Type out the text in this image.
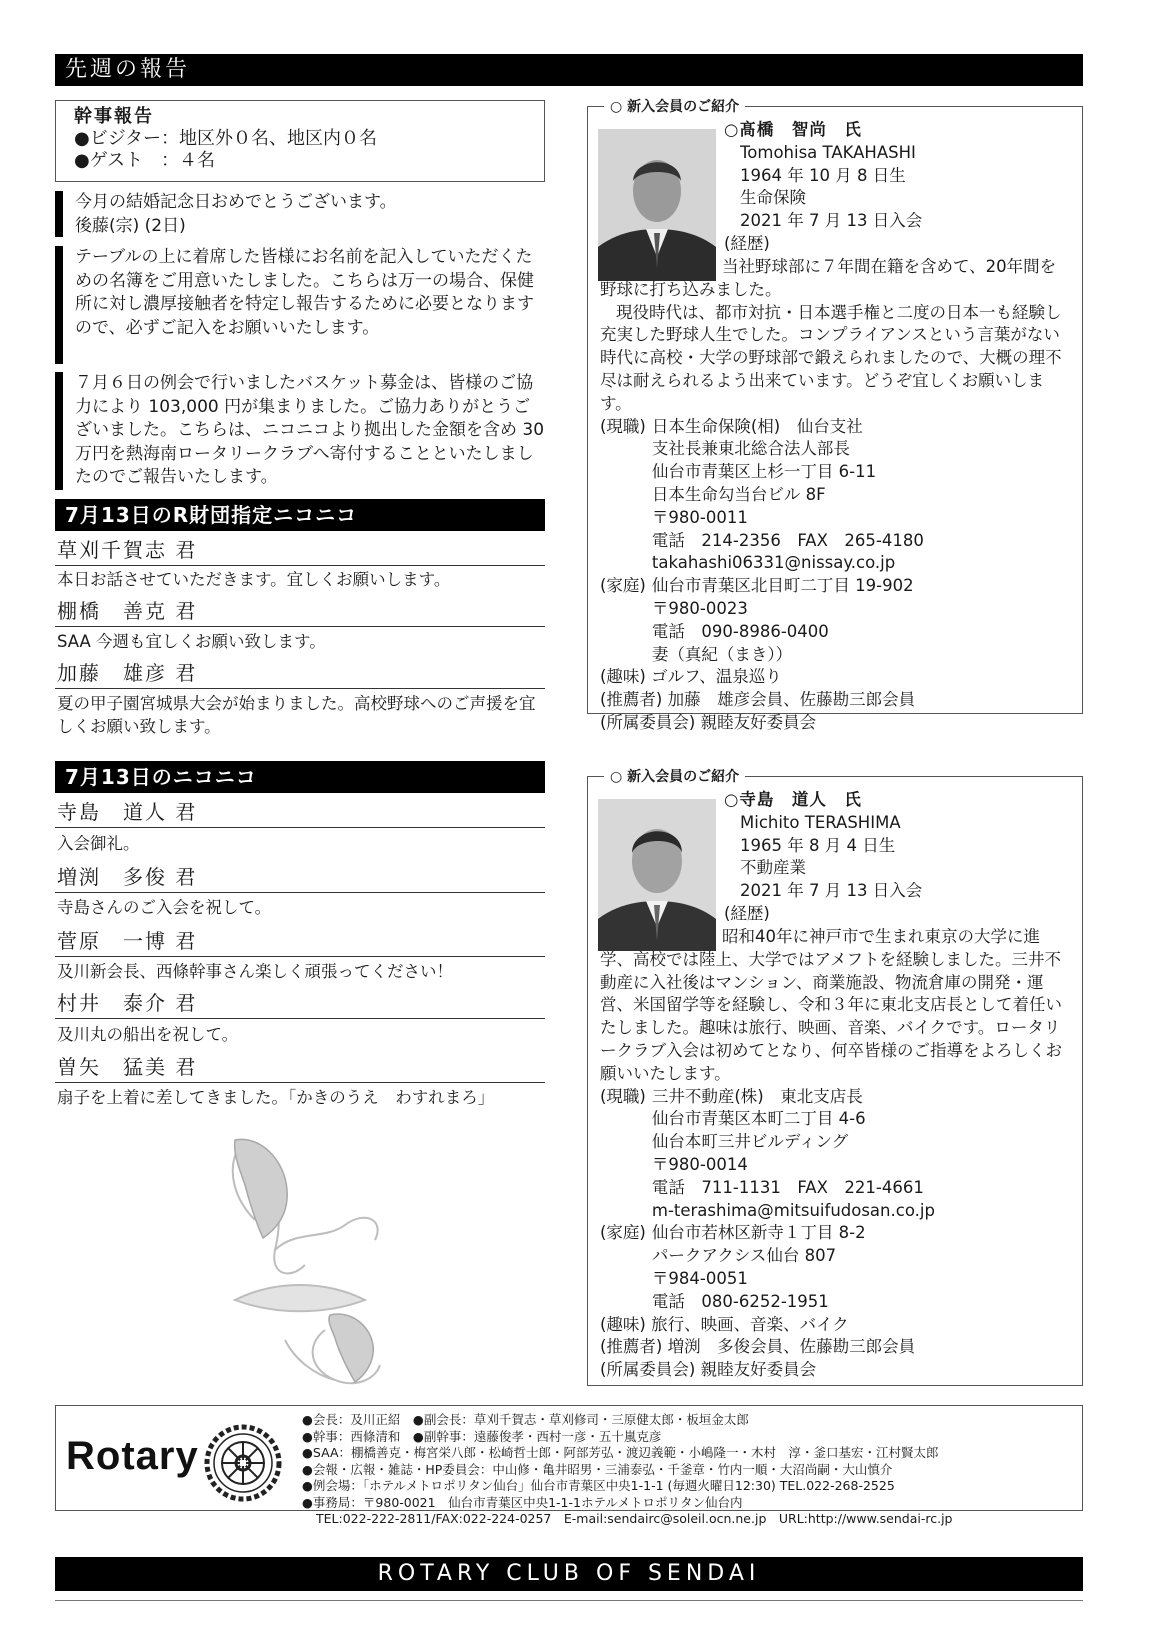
先週の報告
幹事報告
●ビジター：地区外０名、地区内０名
●ゲスト　：４名
今月の結婚記念日おめでとうございます。
後藤(宗) (2日)
テーブルの上に着席した皆様にお名前を記入していただくための名簿をご用意いたしました。こちらは万一の場合、保健所に対し濃厚接触者を特定し報告するために必要となりますので、必ずご記入をお願いいたします。
７月６日の例会で行いましたバスケット募金は、皆様のご協力により 103,000 円が集まりました。ご協力ありがとうございました。こちらは、ニコニコより拠出した金額を含め 30 万円を熱海南ロータリークラブへ寄付することといたしましたのでご報告いたします。
7月13日のR財団指定ニコニコ
草刈千賀志 君
本日お話させていただきます。宜しくお願いします。
棚橋　善克 君
SAA 今週も宜しくお願い致します。
加藤　雄彦 君
夏の甲子園宮城県大会が始まりました。高校野球へのご声援を宜しくお願い致します。
7月13日のニコニコ
寺島　道人 君
入会御礼。
増渕　多俊 君
寺島さんのご入会を祝して。
菅原　一博 君
及川新会長、西條幹事さん楽しく頑張ってください！
村井　泰介 君
及川丸の船出を祝して。
曽矢　猛美 君
扇子を上着に差してきました。「かきのうえ　わすれまろ」
○ 新入会員のご紹介
○髙橋　智尚　氏
Tomohisa TAKAHASHI
1964 年 10 月 8 日生
生命保険
2021 年 7 月 13 日入会
(経歴)
当社野球部に７年間在籍を含めて、20年間を野球に打ち込みました。
現役時代は、都市対抗・日本選手権と二度の日本一も経験し充実した野球人生でした。コンプライアンスという言葉がない時代に高校・大学の野球部で鍛えられましたので、大概の理不尽は耐えられるよう出来ています。どうぞ宜しくお願いします。
(現職) 日本生命保険(相)　仙台支社
支社長兼東北総合法人部長
仙台市青葉区上杉一丁目 6-11
日本生命勾当台ビル 8F
〒980-0011
電話　214-2356　FAX　265-4180
takahashi06331@nissay.co.jp
(家庭) 仙台市青葉区北目町二丁目 19-902
〒980-0023
電話　090-8986-0400
妻（真紀（まき））
(趣味) ゴルフ、温泉巡り
(推薦者) 加藤　雄彦会員、佐藤勘三郎会員
(所属委員会) 親睦友好委員会
○ 新入会員のご紹介
○寺島　道人　氏
Michito TERASHIMA
1965 年 8 月 4 日生
不動産業
2021 年 7 月 13 日入会
(経歴)
昭和40年に神戸市で生まれ東京の大学に進学、高校では陸上、大学ではアメフトを経験しました。三井不動産に入社後はマンション、商業施設、物流倉庫の開発・運営、米国留学等を経験し、令和３年に東北支店長として着任いたしました。趣味は旅行、映画、音楽、バイクです。ロータリークラブ入会は初めてとなり、何卒皆様のご指導をよろしくお願いいたします。
(現職) 三井不動産(株)　東北支店長
仙台市青葉区本町二丁目 4-6
仙台本町三井ビルディング
〒980-0014
電話　711-1131　FAX　221-4661
m-terashima@mitsuifudosan.co.jp
(家庭) 仙台市若林区新寺１丁目 8-2
パークアクシス仙台 807
〒984-0051
電話　080-6252-1951
(趣味) 旅行、映画、音楽、バイク
(推薦者) 増渕　多俊会員、佐藤勘三郎会員
(所属委員会) 親睦友好委員会
Rotary
●会長：及川正紹　●副会長：草刈千賀志・草刈修司・三原健太郎・板垣金太郎
●幹事：西條清和　●副幹事：遠藤俊孝・西村一彦・五十嵐克彦
●SAA：棚橋善克・梅宮栄八郎・松崎哲士郎・阿部芳弘・渡辺義範・小嶋隆一・木村　淳・釜口基宏・江村賢太郎
●会報・広報・雑誌・HP委員会：中山修・亀井昭男・三浦泰弘・千釜章・竹内一順・大沼尚嗣・大山慎介
●例会場：「ホテルメトロポリタン仙台」仙台市青葉区中央1-1-1 (毎週火曜日12:30) TEL.022-268-2525
●事務局：〒980-0021　仙台市青葉区中央1-1-1ホテルメトロポリタン仙台内
TEL:022-222-2811/FAX:022-224-0257　E-mail:sendairc@soleil.ocn.ne.jp　URL:http://www.sendai-rc.jp
ROTARY CLUB OF SENDAI
